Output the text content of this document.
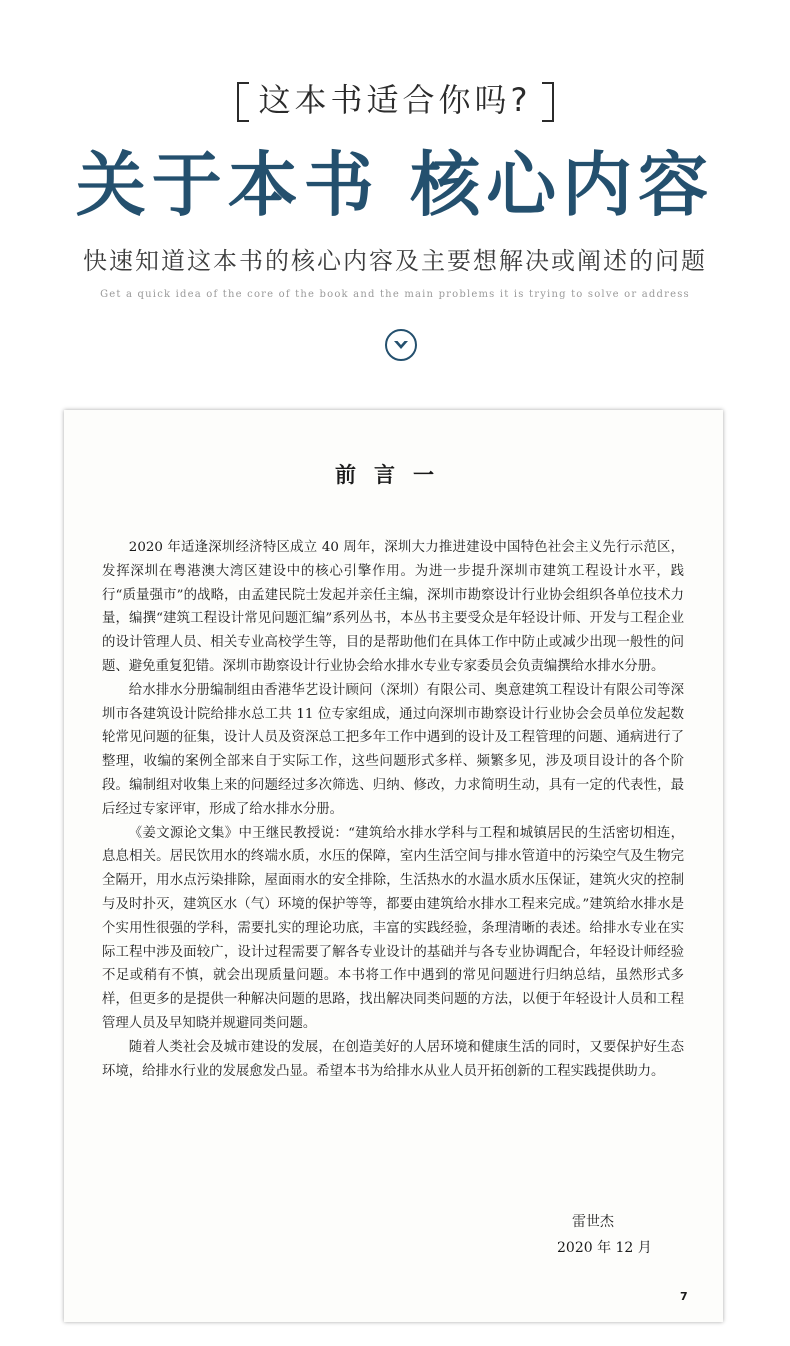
这本书适合你吗?
关于本书 核心内容
快速知道这本书的核心内容及主要想解决或阐述的问题
Get a quick idea of the core of the book and the main problems it is trying to solve or address
前言一

2020 年适逢深圳经济特区成立 40 周年，深圳大力推进建设中国特色社会主义先行示范区，发挥深圳在粤港澳大湾区建设中的核心引擎作用。为进一步提升深圳市建筑工程设计水平，践行“质量强市”的战略，由孟建民院士发起并亲任主编，深圳市勘察设计行业协会组织各单位技术力量，编撰“建筑工程设计常见问题汇编”系列丛书，本丛书主要受众是年轻设计师、开发与工程企业的设计管理人员、相关专业高校学生等，目的是帮助他们在具体工作中防止或减少出现一般性的问题、避免重复犯错。深圳市勘察设计行业协会给水排水专业专家委员会负责编撰给水排水分册。

给水排水分册编制组由香港华艺设计顾问（深圳）有限公司、奥意建筑工程设计有限公司等深圳市各建筑设计院给排水总工共 11 位专家组成，通过向深圳市勘察设计行业协会会员单位发起数轮常见问题的征集，设计人员及资深总工把多年工作中遇到的设计及工程管理的问题、通病进行了整理，收编的案例全部来自于实际工作，这些问题形式多样、频繁多见，涉及项目设计的各个阶段。编制组对收集上来的问题经过多次筛选、归纳、修改，力求简明生动，具有一定的代表性，最后经过专家评审，形成了给水排水分册。

《姜文源论文集》中王继民教授说：“建筑给水排水学科与工程和城镇居民的生活密切相连，息息相关。居民饮用水的终端水质，水压的保障，室内生活空间与排水管道中的污染空气及生物完全隔开，用水点污染排除，屋面雨水的安全排除，生活热水的水温水质水压保证，建筑火灾的控制与及时扑灭，建筑区水（气）环境的保护等等，都要由建筑给水排水工程来完成。”建筑给水排水是个实用性很强的学科，需要扎实的理论功底，丰富的实践经验，条理清晰的表述。给排水专业在实际工程中涉及面较广，设计过程需要了解各专业设计的基础并与各专业协调配合，年轻设计师经验不足或稍有不慎，就会出现质量问题。本书将工作中遇到的常见问题进行归纳总结，虽然形式多样，但更多的是提供一种解决问题的思路，找出解决同类问题的方法，以便于年轻设计人员和工程管理人员及早知晓并规避同类问题。

随着人类社会及城市建设的发展，在创造美好的人居环境和健康生活的同时，又要保护好生态环境，给排水行业的发展愈发凸显。希望本书为给排水从业人员开拓创新的工程实践提供助力。

雷世杰
2020 年 12 月
7
